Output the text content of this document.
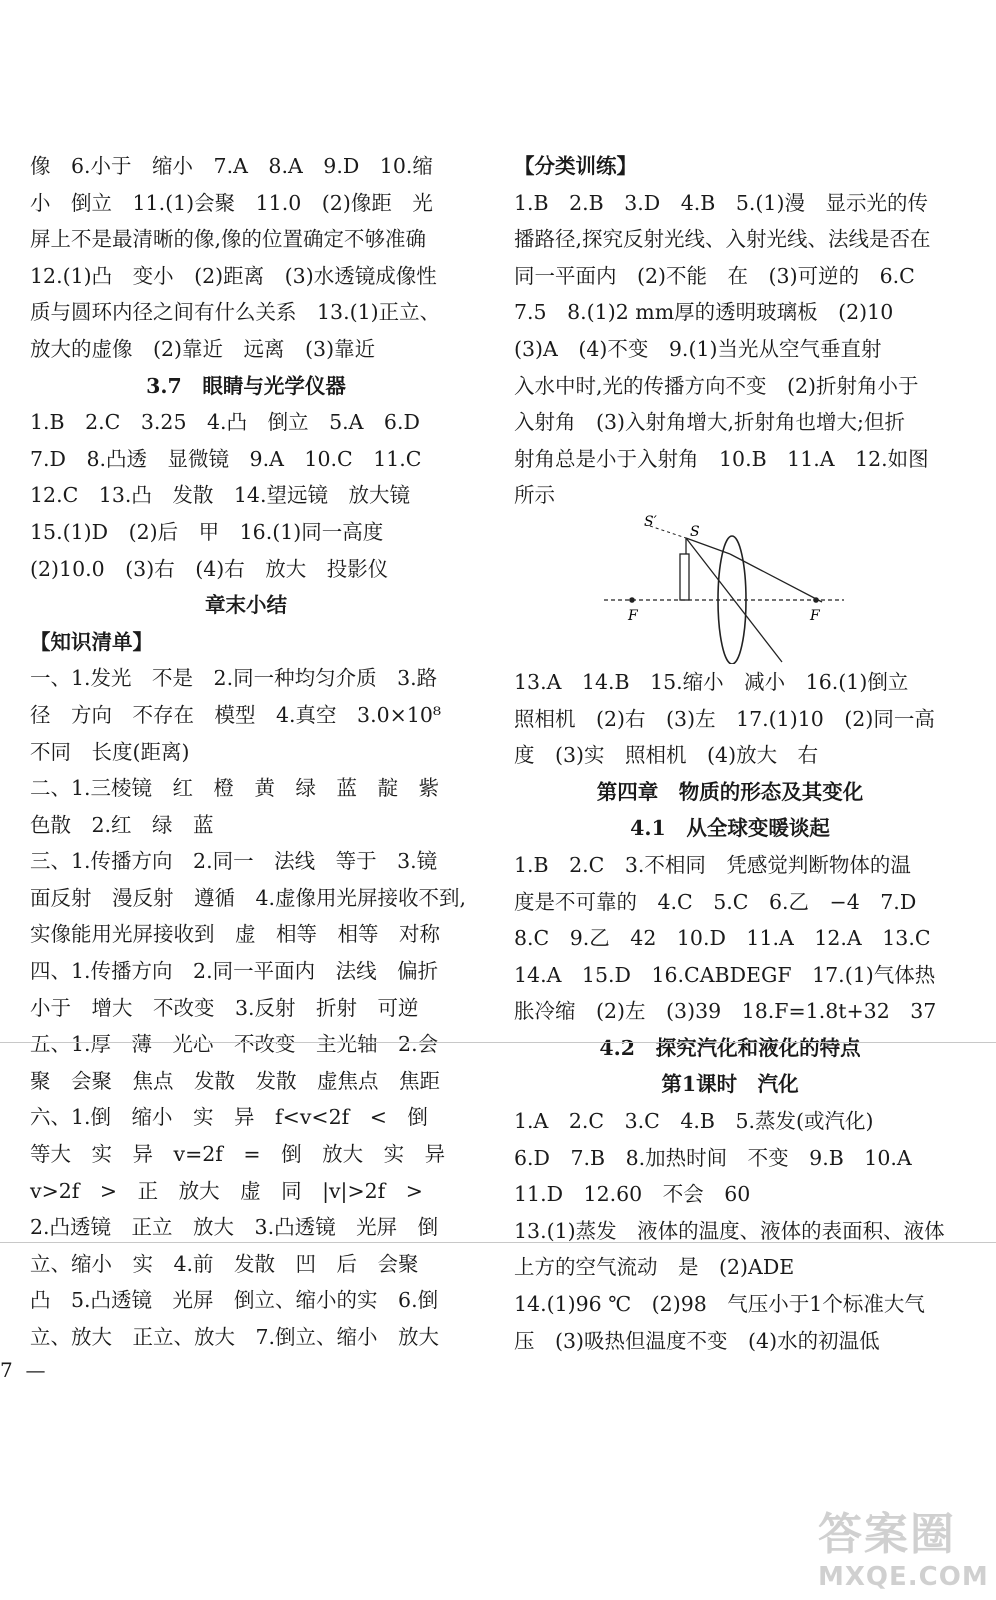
像　6.小于　缩小　7.A　8.A　9.D　10.缩
小　倒立　11.(1)会聚　11.0　(2)像距　光
屏上不是最清晰的像,像的位置确定不够准确
12.(1)凸　变小　(2)距离　(3)水透镜成像性
质与圆环内径之间有什么关系　13.(1)正立、
放大的虚像　(2)靠近　远离　(3)靠近
3.7　眼睛与光学仪器
1.B　2.C　3.25　4.凸　倒立　5.A　6.D
7.D　8.凸透　显微镜　9.A　10.C　11.C
12.C　13.凸　发散　14.望远镜　放大镜
15.(1)D　(2)后　甲　16.(1)同一高度
(2)10.0　(3)右　(4)右　放大　投影仪
章末小结
【知识清单】
一、1.发光　不是　2.同一种均匀介质　3.路
径　方向　不存在　模型　4.真空　3.0×10⁸
不同　长度(距离)
二、1.三棱镜　红　橙　黄　绿　蓝　靛　紫
色散　2.红　绿　蓝
三、1.传播方向　2.同一　法线　等于　3.镜
面反射　漫反射　遵循　4.虚像用光屏接收不到,
实像能用光屏接收到　虚　相等　相等　对称
四、1.传播方向　2.同一平面内　法线　偏折
小于　增大　不改变　3.反射　折射　可逆
五、1.厚　薄　光心　不改变　主光轴　2.会
聚　会聚　焦点　发散　发散　虚焦点　焦距
六、1.倒　缩小　实　异　f<v<2f　<　倒
等大　实　异　v=2f　=　倒　放大　实　异
v>2f　>　正　放大　虚　同　|v|>2f　>
2.凸透镜　正立　放大　3.凸透镜　光屏　倒
立、缩小　实　4.前　发散　凹　后　会聚
凸　5.凸透镜　光屏　倒立、缩小的实　6.倒
立、放大　正立、放大　7.倒立、缩小　放大
【分类训练】
1.B　2.B　3.D　4.B　5.(1)漫　显示光的传
播路径,探究反射光线、入射光线、法线是否在
同一平面内　(2)不能　在　(3)可逆的　6.C
7.5　8.(1)2 mm厚的透明玻璃板　(2)10
(3)A　(4)不变　9.(1)当光从空气垂直射
入水中时,光的传播方向不变　(2)折射角小于
入射角　(3)入射角增大,折射角也增大;但折
射角总是小于入射角　10.B　11.A　12.如图
所示
S′
S
F	F
13.A　14.B　15.缩小　减小　16.(1)倒立
照相机　(2)右　(3)左　17.(1)10　(2)同一高
度　(3)实　照相机　(4)放大　右
第四章　物质的形态及其变化
4.1　从全球变暖谈起
1.B　2.C　3.不相同　凭感觉判断物体的温
度是不可靠的　4.C　5.C　6.乙　−4　7.D
8.C　9.乙　42　10.D　11.A　12.A　13.C
14.A　15.D　16.CABDEGF　17.(1)气体热
胀冷缩　(2)左　(3)39　18.F=1.8t+32　37
4.2　探究汽化和液化的特点
第1课时　汽化
1.A　2.C　3.C　4.B　5.蒸发(或汽化)
6.D　7.B　8.加热时间　不变　9.B　10.A
11.D　12.60　不会　60
13.(1)蒸发　液体的温度、液体的表面积、液体
上方的空气流动　是　(2)ADE
14.(1)96 ℃　(2)98　气压小于1个标准大气
压　(3)吸热但温度不变　(4)水的初温低
7  —
答案圈
MXQE.COM
